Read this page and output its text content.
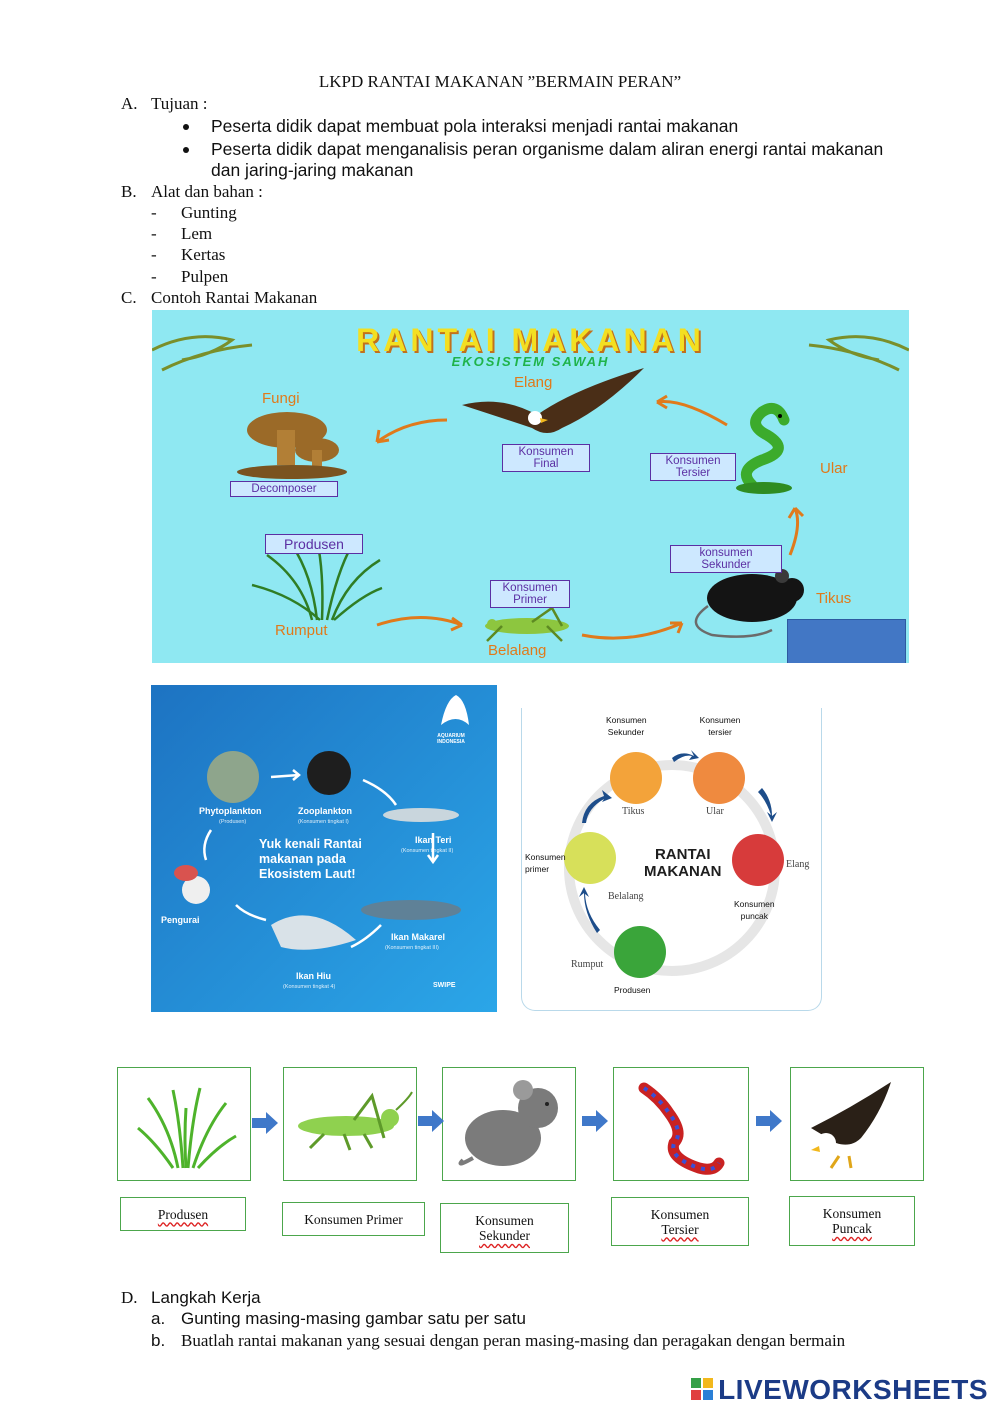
LKPD RANTAI MAKANAN ”BERMAIN PERAN”
A. Tujuan :
Peserta didik dapat membuat pola interaksi menjadi rantai makanan
Peserta didik dapat menganalisis peran organisme dalam aliran energi rantai makanan
dan jaring-jaring makanan
B. Alat dan bahan :
- Gunting
- Lem
- Kertas
- Pulpen
C. Contoh Rantai Makanan
RANTAI MAKANAN
EKOSISTEM SAWAH
Fungi
Elang
Ular
Tikus
Belalang
Rumput
Decomposer
Konsumen Final	Konsumen Tersier
konsumen Sekunder
Konsumen Primer
Produsen
AQUARIUM INDONESIA
Phytoplankton
(Produsen)
Zooplankton
(Konsumen tingkat I)
Ikan Teri
(Konsumen tingkat II)
Ikan Makarel
(Konsumen tingkat III)
Ikan Hiu
(Konsumen tingkat 4)
Pengurai
Yuk kenali Rantai
makanan pada
Ekosistem Laut!
SWIPE
Konsumen
Sekunder
Konsumen
tersier
Konsumen
primer
Konsumen
puncak
Tikus	Ular
Elang
Belalang
Rumput
Produsen
RANTAI
MAKANAN
Produsen	Konsumen Primer	Konsumen
Sekunder
Konsumen
Tersier
Konsumen
Puncak
D. Langkah Kerja
a. Gunting masing-masing gambar satu per satu
b. Buatlah rantai makanan yang sesuai dengan peran masing-masing dan peragakan dengan bermain
LIVEWORKSHEETS
